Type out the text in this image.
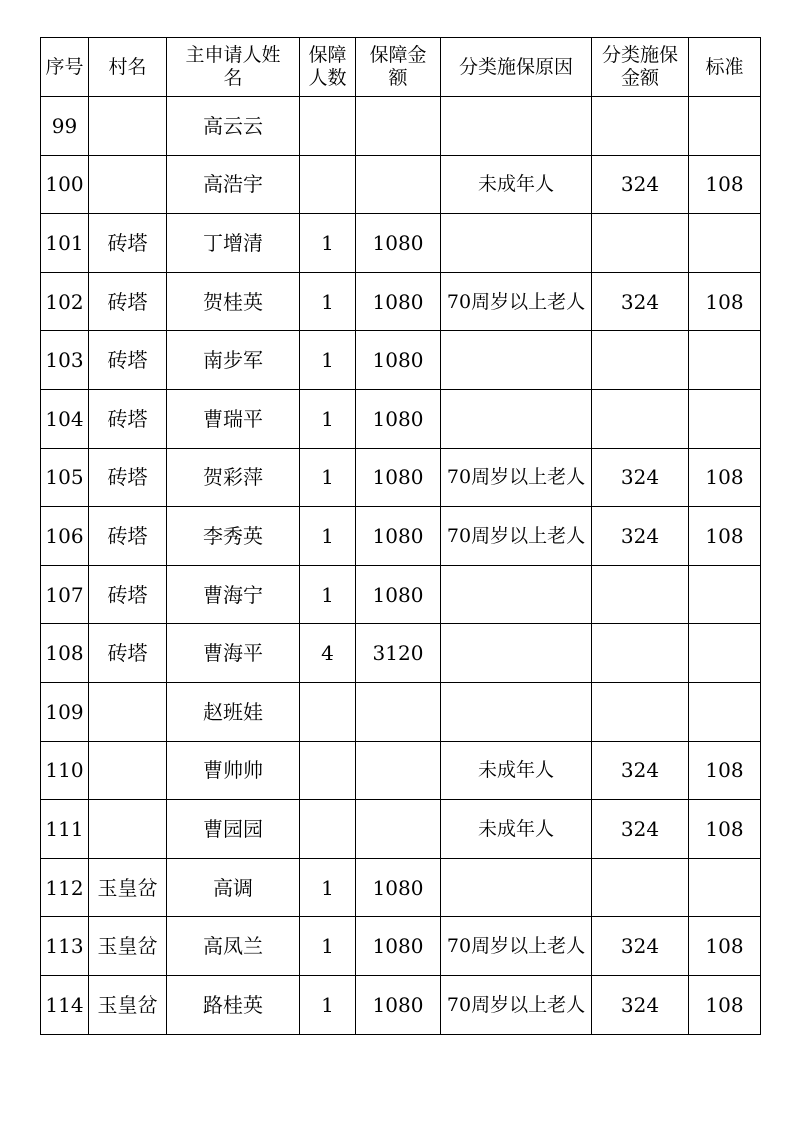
序号	村名	主申请人姓名	保障人数	保障金额	分类施保原因	分类施保金额	标准
99		高云云					
100		高浩宇			未成年人	324	108
101	砖塔	丁增清	1	1080			
102	砖塔	贺桂英	1	1080	70周岁以上老人	324	108
103	砖塔	南步军	1	1080			
104	砖塔	曹瑞平	1	1080			
105	砖塔	贺彩萍	1	1080	70周岁以上老人	324	108
106	砖塔	李秀英	1	1080	70周岁以上老人	324	108
107	砖塔	曹海宁	1	1080			
108	砖塔	曹海平	4	3120			
109		赵班娃					
110		曹帅帅			未成年人	324	108
111		曹园园			未成年人	324	108
112	玉皇岔	高调	1	1080			
113	玉皇岔	高凤兰	1	1080	70周岁以上老人	324	108
114	玉皇岔	路桂英	1	1080	70周岁以上老人	324	108
